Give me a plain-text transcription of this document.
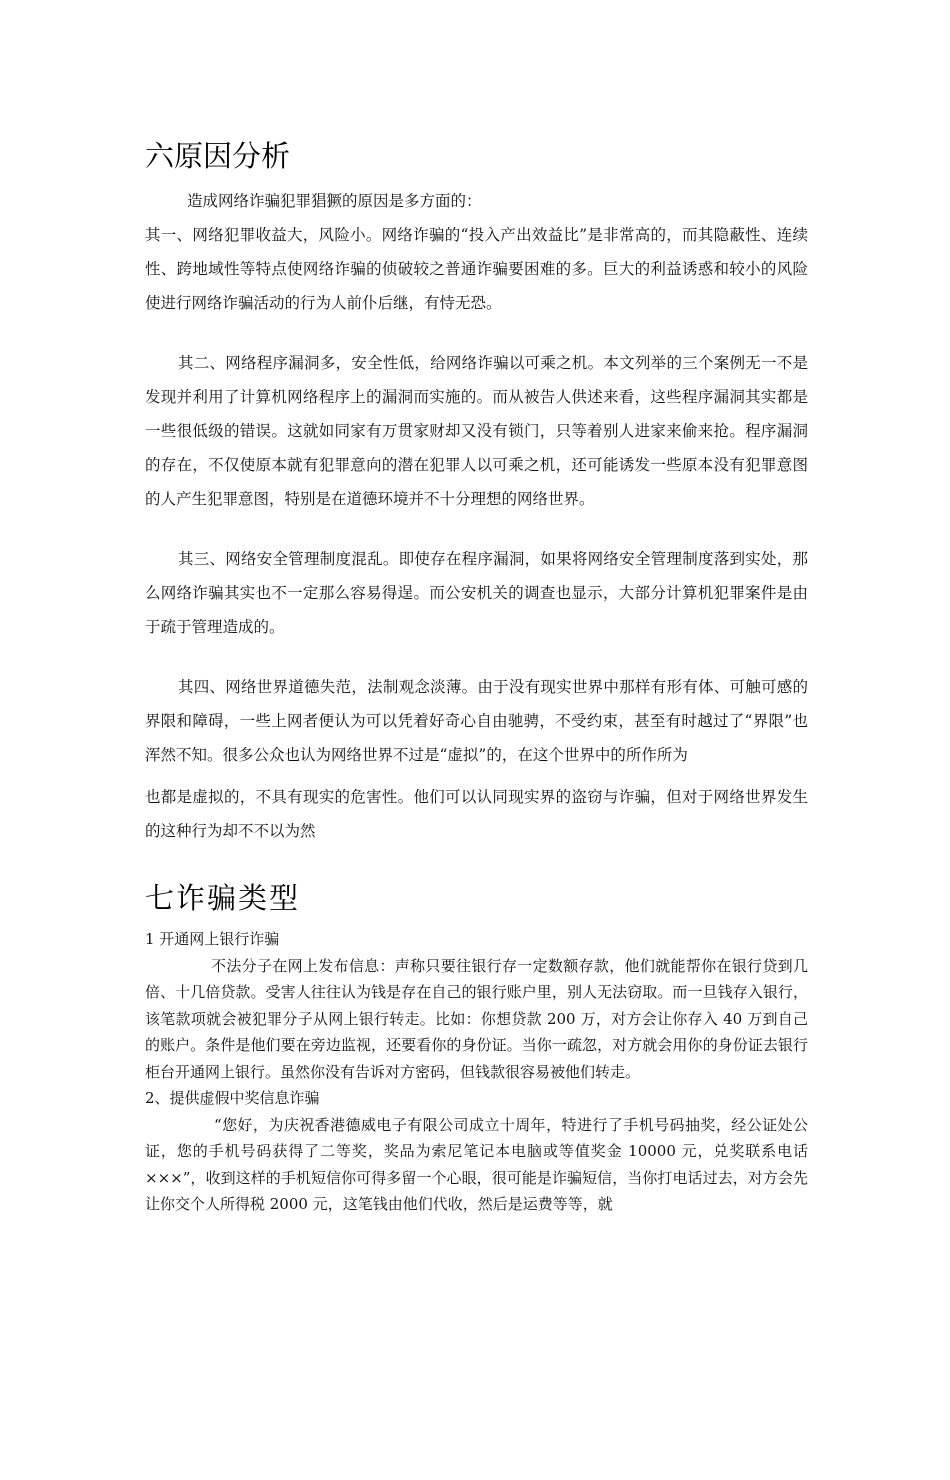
六原因分析

造成网络诈骗犯罪猖獗的原因是多方面的：

其一、网络犯罪收益大，风险小。网络诈骗的“投入产出效益比”是非常高的，而其隐蔽性、连续性、跨地域性等特点使网络诈骗的侦破较之普通诈骗要困难的多。巨大的利益诱惑和较小的风险使进行网络诈骗活动的行为人前仆后继，有恃无恐。

其二、网络程序漏洞多，安全性低，给网络诈骗以可乘之机。本文列举的三个案例无一不是发现并利用了计算机网络程序上的漏洞而实施的。而从被告人供述来看，这些程序漏洞其实都是一些很低级的错误。这就如同家有万贯家财却又没有锁门，只等着别人进家来偷来抢。程序漏洞的存在，不仅使原本就有犯罪意向的潜在犯罪人以可乘之机，还可能诱发一些原本没有犯罪意图的人产生犯罪意图，特别是在道德环境并不十分理想的网络世界。

其三、网络安全管理制度混乱。即使存在程序漏洞，如果将网络安全管理制度落到实处，那么网络诈骗其实也不一定那么容易得逞。而公安机关的调查也显示，大部分计算机犯罪案件是由于疏于管理造成的。

其四、网络世界道德失范，法制观念淡薄。由于没有现实世界中那样有形有体、可触可感的界限和障碍，一些上网者便认为可以凭着好奇心自由驰骋，不受约束，甚至有时越过了“界限”也浑然不知。很多公众也认为网络世界不过是“虚拟”的，在这个世界中的所作所为

也都是虚拟的，不具有现实的危害性。他们可以认同现实界的盗窃与诈骗，但对于网络世界发生的这种行为却不不以为然

七诈骗类型

1 开通网上银行诈骗

不法分子在网上发布信息：声称只要往银行存一定数额存款，他们就能帮你在银行贷到几倍、十几倍贷款。受害人往往认为钱是存在自己的银行账户里，别人无法窃取。而一旦钱存入银行，该笔款项就会被犯罪分子从网上银行转走。比如：你想贷款 200 万，对方会让你存入 40 万到自己的账户。条件是他们要在旁边监视，还要看你的身份证。当你一疏忽，对方就会用你的身份证去银行柜台开通网上银行。虽然你没有告诉对方密码，但钱款很容易被他们转走。

2、提供虚假中奖信息诈骗

“您好，为庆祝香港德威电子有限公司成立十周年，特进行了手机号码抽奖，经公证处公证，您的手机号码获得了二等奖，奖品为索尼笔记本电脑或等值奖金 10000 元，兑奖联系电话×××”，收到这样的手机短信你可得多留一个心眼，很可能是诈骗短信，当你打电话过去，对方会先让你交个人所得税 2000 元，这笔钱由他们代收，然后是运费等等，就
